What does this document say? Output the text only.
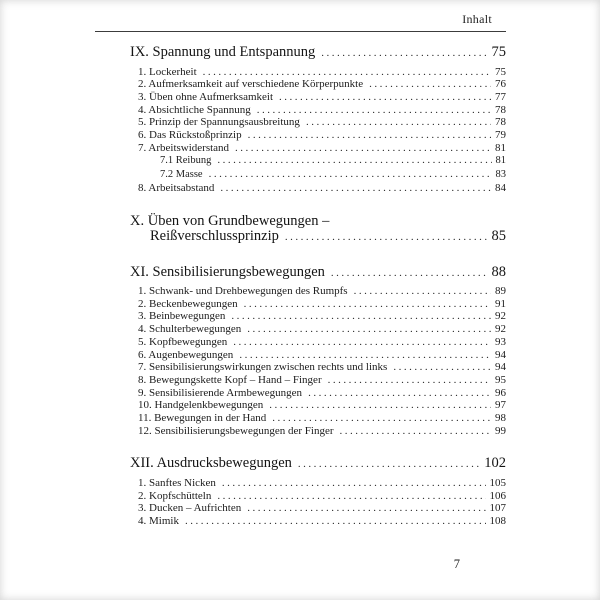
Inhalt
IX. Spannung und Entspannung .....	75
1. Lockerheit .....	75
2. Aufmerksamkeit auf verschiedene Körperpunkte .....	76
3. Üben ohne Aufmerksamkeit .....	77
4. Absichtliche Spannung .....	78
5. Prinzip der Spannungsausbreitung .....	78
6. Das Rückstoßprinzip .....	79
7. Arbeitswiderstand .....	81
7.1 Reibung .....	81
7.2 Masse .....	83
8. Arbeitsabstand .....	84
X. Üben von Grundbewegungen –
Reißverschlussprinzip .....	85
XI. Sensibilisierungsbewegungen .....	88
1. Schwank- und Drehbewegungen des Rumpfs .....	89
2. Beckenbewegungen .....	91
3. Beinbewegungen .....	92
4. Schulterbewegungen .....	92
5. Kopfbewegungen .....	93
6. Augenbewegungen .....	94
7. Sensibilisierungswirkungen zwischen rechts und links .....	94
8. Bewegungskette Kopf – Hand – Finger .....	95
9. Sensibilisierende Armbewegungen .....	96
10. Handgelenkbewegungen .....	97
11. Bewegungen in der Hand .....	98
12. Sensibilisierungsbewegungen der Finger .....	99
XII. Ausdrucksbewegungen .....	102
1. Sanftes Nicken .....	105
2. Kopfschütteln .....	106
3. Ducken – Aufrichten .....	107
4. Mimik .....	108
7
